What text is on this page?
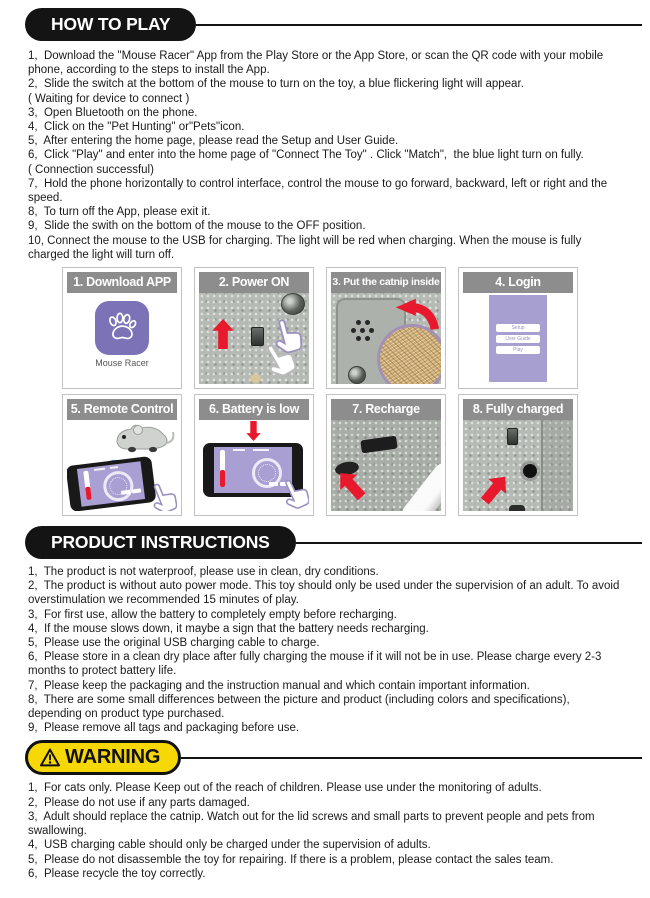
HOW TO PLAY

1,  Download the "Mouse Racer" App from the Play Store or the App Store, or scan the QR code with your mobile phone, according to the steps to install the App.

2,  Slide the switch at the bottom of the mouse to turn on the toy, a blue flickering light will appear.

( Waiting for device to connect )

3,  Open Bluetooth on the phone.

4,  Click on the "Pet Hunting" or"Pets"icon.

5,  After entering the home page, please read the Setup and User Guide.

6,  Click "Play" and enter into the home page of "Connect The Toy" . Click "Match",  the blue light turn on fully.

( Connection successful)

7,  Hold the phone horizontally to control interface, control the mouse to go forward, backward, left or right and the speed.

8,  To turn off the App, please exit it.

9,  Slide the swith on the bottom of the mouse to the OFF position.

10, Connect the mouse to the USB for charging. The light will be red when charging. When the mouse is fully charged the light will turn off.

1. Download APP
Mouse Racer
2. Power ON	3. Put the catnip inside	4. Login
Setup
User Guide
Play
5. Remote Control	6. Battery is low	7. Recharge	8. Fully charged
PRODUCT INSTRUCTIONS

1,  The product is not waterproof, please use in clean, dry conditions.

2,  The product is without auto power mode. This toy should only be used under the supervision of an adult. To avoid overstimulation we recommended 15 minutes of play.

3,  For first use, allow the battery to completely empty before recharging.

4,  If the mouse slows down, it maybe a sign that the battery needs recharging.

5,  Please use the original USB charging cable to charge.

6,  Please store in a clean dry place after fully charging the mouse if it will not be in use. Please charge every 2-3 months to protect battery life.

7,  Please keep the packaging and the instruction manual and which contain important information.

8,  There are some small differences between the picture and product (including colors and specifications), depending on product type purchased.

9,  Please remove all tags and packaging before use.

WARNING

1,  For cats only. Please Keep out of the reach of children. Please use under the monitoring of adults.

2,  Please do not use if any parts damaged.

3,  Adult should replace the catnip. Watch out for the lid screws and small parts to prevent people and pets from swallowing.

4,  USB charging cable should only be charged under the supervision of adults.

5,  Please do not disassemble the toy for repairing. If there is a problem, please contact the sales team.

6,  Please recycle the toy correctly.
